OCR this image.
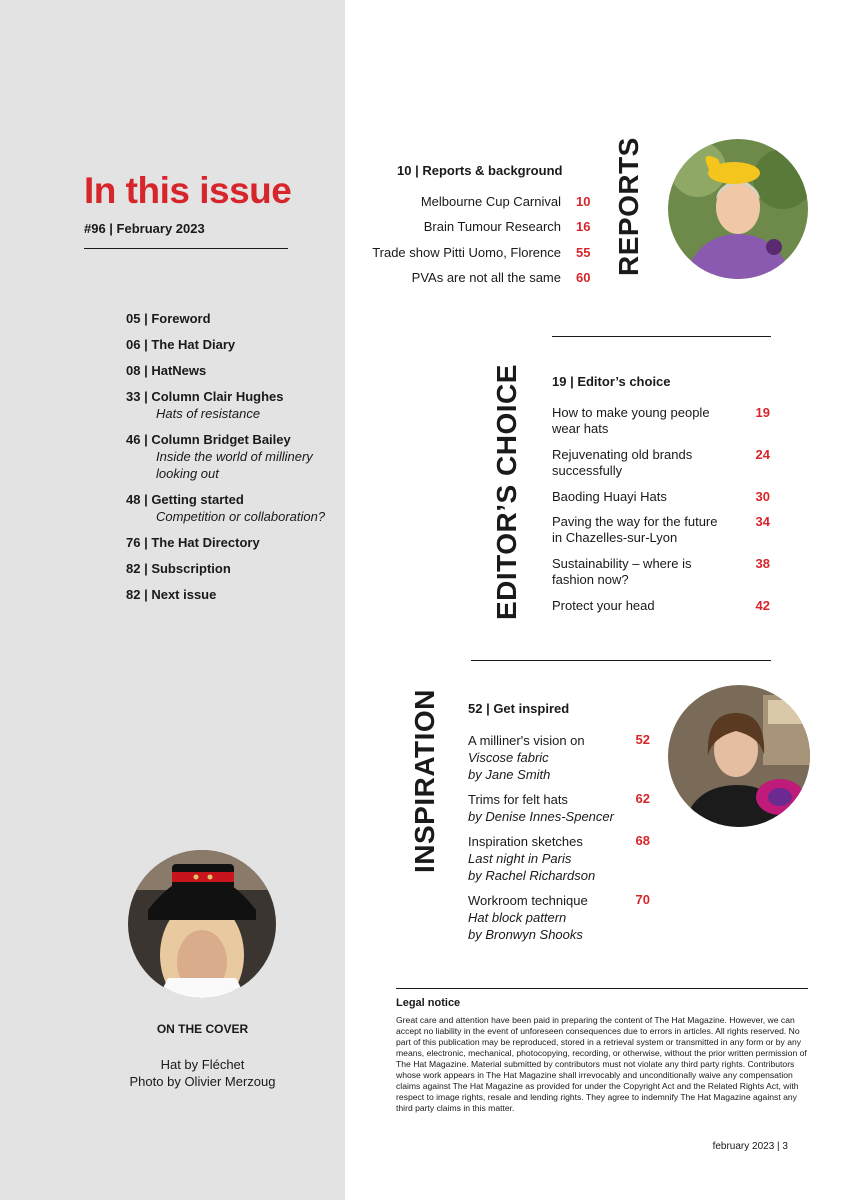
In this issue
#96 | February 2023
05 | Foreword
06 | The Hat Diary
08 | HatNews
33 | Column Clair Hughes
Hats of resistance
46 | Column Bridget Bailey
Inside the world of millinery
looking out
48 | Getting started
Competition or collaboration?
76 | The Hat Directory
82 | Subscription
82 | Next issue
ON THE COVER
Hat by Fléchet
Photo by Olivier Merzoug
10 | Reports & background
Melbourne Cup Carnival 10
Brain Tumour Research 16
Trade show Pitti Uomo, Florence 55
PVAs are not all the same 60
REPORTS
EDITOR’S CHOICE 19 | Editor’s choice
How to make young people
wear hats
19
Rejuvenating old brands
successfully
24
Baoding Huayi Hats	30
Paving the way for the future
in Chazelles-sur-Lyon
34
Sustainability – where is
fashion now?
38
Protect your head	42
INSPIRATION 52 | Get inspired
A milliner's vision on
Viscose fabric
by Jane Smith
52
Trims for felt hats
by Denise Innes-Spencer
62
Inspiration sketches
Last night in Paris
by Rachel Richardson
68
Workroom technique
Hat block pattern
by Bronwyn Shooks
70
Legal notice
Great care and attention have been paid in preparing the content of The Hat Magazine. However, we can accept no liability in the event of unforeseen consequences due to errors in articles. All rights reserved. No part of this publication may be reproduced, stored in a retrieval system or transmitted in any form or by any means, electronic, mechanical, photocopying, recording, or otherwise, without the prior written permission of The Hat Magazine. Material submitted by contributors must not violate any third party rights. Contributors whose work appears in The Hat Magazine shall irrevocably and unconditionally waive any compensation claims against The Hat Magazine as provided for under the Copyright Act and the Related Rights Act, with respect to image rights, resale and lending rights. They agree to indemnify The Hat Magazine against any third party claims in this matter.
february 2023 | 3
